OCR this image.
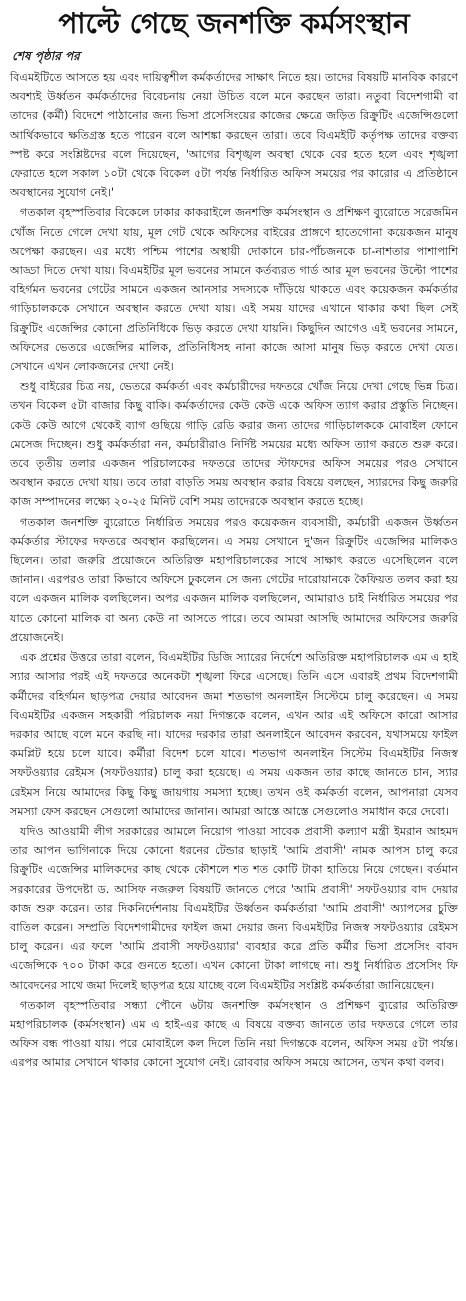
পাল্টে গেছে জনশক্তি কর্মসংস্থান
শেষ পৃষ্ঠার পর

বিএমইটিতে আসতে হয় এবং দায়িত্বশীল কর্মকর্তাদের সাক্ষাৎ নিতে হয়। তাদের বিষয়টি মানবিক কারণে অবশ্যই উর্ধ্বতন কর্মকর্তাদের বিবেচনায় নেয়া উচিত বলে মনে করছেন তারা। নতুবা বিদেশগামী বা তাদের (কর্মী) বিদেশে পাঠানোর জন্য ভিসা প্রসেসিংয়ের কাজের ক্ষেত্রে জড়িত রিক্রুটিং এজেন্সিগুলো আর্থিকভাবে ক্ষতিগ্রস্ত হতে পারেন বলে আশঙ্কা করছেন তারা। তবে বিএমইটি কর্তৃপক্ষ তাদের বক্তব্য স্পষ্ট করে সংশ্লিষ্টদের বলে দিয়েছেন, 'আগের বিশৃঙ্খল অবস্থা থেকে বের হতে হলে এবং শৃঙ্খলা ফেরাতে হলে সকাল ১০টা থেকে বিকেল ৫টা পর্যন্ত নির্ধারিত অফিস সময়ের পর কারোর এ প্রতিষ্ঠানে অবস্থানের সুযোগ নেই।'

গতকাল বৃহস্পতিবার বিকেলে ঢাকার কাকরাইলে জনশক্তি কর্মসংস্থান ও প্রশিক্ষণ ব্যুরোতে সরেজমিন খোঁজ নিতে গেলে দেখা যায়, মূল গেট থেকে অফিসের বাইরের প্রাঙ্গণে হাতেগোনা কয়েকজন মানুষ অপেক্ষা করছেন। এর মধ্যে পশ্চিম পাশের অস্থায়ী দোকানে চার-পাঁচজনকে চা-নাশতার পাশাপাশি আড্ডা দিতে দেখা যায়। বিএমইটির মূল ভবনের সামনে কর্তব্যরত গার্ড আর মূল ভবনের উল্টো পাশের বহির্গমন ভবনের গেটের সামনে একজন আনসার সদস্যকে দাঁড়িয়ে থাকতে এবং কয়েকজন কর্মকর্তার গাড়িচালককে সেখানে অবস্থান করতে দেখা যায়। এই সময় যাদের এখানে থাকার কথা ছিল সেই রিক্রুটিং এজেন্সির কোনো প্রতিনিধিকে ভিড় করতে দেখা যায়নি। কিছুদিন আগেও এই ভবনের সামনে, অফিসের ভেতরে এজেন্সির মালিক, প্রতিনিধিসহ নানা কাজে আসা মানুষ ভিড় করতে দেখা যেত। সেখানে এখন লোকজনের দেখা নেই।

শুধু বাইরের চিত্র নয়, ভেতরে কর্মকর্তা এবং কর্মচারীদের দফতরে খোঁজ নিয়ে দেখা গেছে ভিন্ন চিত্র। তখন বিকেল ৫টা বাজার কিছু বাকি। কর্মকর্তাদের কেউ কেউ একে অফিস ত্যাগ করার প্রস্তুতি নিচ্ছেন। কেউ কেউ আগে থেকেই ব্যাগ গুছিয়ে গাড়ি রেডি করার জন্য তাদের গাড়িচালককে মোবাইল ফোনে মেসেজ দিচ্ছেন। শুধু কর্মকর্তারা নন, কর্মচারীরাও নির্দিষ্ট সময়ের মধ্যে অফিস ত্যাগ করতে শুরু করে। তবে তৃতীয় তলার একজন পরিচালকের দফতরে তাদের স্টাফদের অফিস সময়ের পরও সেখানে অবস্থান করতে দেখা যায়। তবে তারা বাড়তি সময় অবস্থান করার বিষয়ে বলছেন, স্যারদের কিছু জরুরি কাজ সম্পাদনের লক্ষ্যে ২০-২৫ মিনিট বেশি সময় তাদেরকে অবস্থান করতে হচ্ছে।

গতকাল জনশক্তি ব্যুরোতে নির্ধারিত সময়ের পরও কয়েকজন ব্যবসায়ী, কর্মচারী একজন উর্ধ্বতন কর্মকর্তার স্টাফের দফতরে অবস্থান করছিলেন। এ সময় সেখানে দু'জন রিক্রুটিং এজেন্সির মালিকও ছিলেন। তারা জরুরি প্রয়োজনে অতিরিক্ত মহাপরিচালকের সাথে সাক্ষাৎ করতে এসেছিলেন বলে জানান। এরপরও তারা কিভাবে অফিসে ঢুকলেন সে জন্য গেটের দারোয়ানকে কৈফিয়ত তলব করা হয় বলে একজন মালিক বলছিলেন। অপর একজন মালিক বলছিলেন, আমারাও চাই নির্ধারিত সময়ের পর যাতে কোনো মালিক বা অন্য কেউ না আসতে পারে। তবে আমরা আসছি আমাদের অফিসের জরুরি প্রয়োজনেই।

এক প্রশ্নের উত্তরে তারা বলেন, বিএমইটির ডিজি স্যারের নির্দেশে অতিরিক্ত মহাপরিচালক এম এ হাই স্যার আসার পরই এই দফতরে অনেকটা শৃঙ্খলা ফিরে এসেছে। তিনি এসে এবারই প্রথম বিদেশগামী কর্মীদের বহির্গমন ছাড়পত্র দেয়ার আবেদন জমা শতভাগ অনলাইন সিস্টেমে চালু করেছেন। এ সময় বিএমইটির একজন সহকারী পরিচালক নয়া দিগন্তকে বলেন, এখন আর এই অফিসে কারো আসার দরকার আছে বলে মনে করছি না। যাদের দরকার তারা অনলাইনে আবেদন করবেন, যথাসময়ে ফাইল কমপ্লিট হয়ে চলে যাবে। কর্মীরা বিদেশ চলে যাবে। শতভাগ অনলাইন সিস্টেম বিএমইটির নিজস্ব সফটওয়্যার রেইমস (সফটওয়্যার) চালু করা হয়েছে। এ সময় একজন তার কাছে জানতে চান, স্যার রেইমস নিয়ে আমাদের কিছু কিছু জায়গায় সমস্যা হচ্ছে। তখন ওই কর্মকর্তা বলেন, আপনারা যেসব সমস্যা ফেস করছেন সেগুলো আমাদের জানান। আমরা আস্তে আস্তে সেগুলোও সমাধান করে দেবো।

যদিও আওয়ামী লীগ সরকারের আমলে নিয়োগ পাওয়া সাবেক প্রবাসী কল্যাণ মন্ত্রী ইমরান আহমদ তার আপন ভাগিনাকে দিয়ে কোনো ধরনের টেন্ডার ছাড়াই 'আমি প্রবাসী' নামক আপস চালু করে রিক্রুটিং এজেন্সির মালিকদের কাছ থেকে কৌশলে শত শত কোটি টাকা হাতিয়ে নিয়ে গেছেন। বর্তমান সরকারের উপদেষ্টা ড. আসিফ নজরুল বিষয়টি জানতে পেরে 'আমি প্রবাসী' সফটওয়্যার বাদ দেয়ার কাজ শুরু করেন। তার দিকনির্দেশনায় বিএমইটির উর্ধ্বতন কর্মকর্তারা 'আমি প্রবাসী' অ্যাপসের চুক্তি বাতিল করেন। সম্প্রতি বিদেশগামীদের ফাইল জমা দেয়ার জন্য বিএমইটির নিজস্ব সফটওয়্যার রেইমস চালু করেন। এর ফলে 'আমি প্রবাসী সফটওয়্যার' ব্যবহার করে প্রতি কর্মীর ভিসা প্রসেসিং বাবদ এজেন্সিকে ৭০০ টাকা করে গুনতে হতো। এখন কোনো টাকা লাগছে না। শুধু নির্ধারিত প্রসেসিং ফি আবেদনের সাথে জমা দিলেই ছাড়পত্র হয়ে যাচ্ছে বলে বিএমইটির সংশ্লিষ্ট কর্মকর্তারা জানিয়েছেন।

গতকাল বৃহস্পতিবার সন্ধ্যা পৌনে ৬টায় জনশক্তি কর্মসংস্থান ও প্রশিক্ষণ ব্যুরোর অতিরিক্ত মহাপরিচালক (কর্মসংস্থান) এম এ হাই-এর কাছে এ বিষয়ে বক্তব্য জানতে তার দফতরে গেলে তার অফিস বন্ধ পাওয়া যায়। পরে মোবাইলে কল দিলে তিনি নয়া দিগন্তকে বলেন, অফিস সময় ৫টা পর্যন্ত। এরপর আমার সেখানে থাকার কোনো সুযোগ নেই। রোববার অফিস সময়ে আসেন, তখন কথা বলব।
